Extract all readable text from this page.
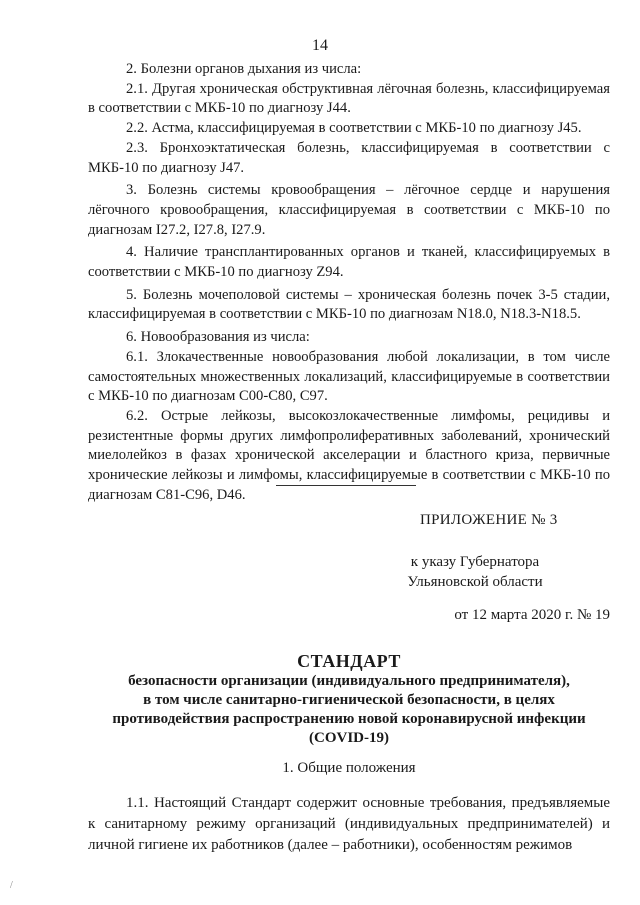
14

2. Болезни органов дыхания из числа:

2.1. Другая хроническая обструктивная лёгочная болезнь, классифицируемая в соответствии с МКБ-10 по диагнозу J44.

2.2. Астма, классифицируемая в соответствии с МКБ-10 по диагнозу J45.

2.3. Бронхоэктатическая болезнь, классифицируемая в соответствии с МКБ-10 по диагнозу J47.

3. Болезнь системы кровообращения – лёгочное сердце и нарушения лёгочного кровообращения, классифицируемая в соответствии с МКБ-10 по диагнозам I27.2, I27.8, I27.9.

4. Наличие трансплантированных органов и тканей, классифицируемых в соответствии с МКБ-10 по диагнозу Z94.

5. Болезнь мочеполовой системы – хроническая болезнь почек 3-5 стадии, классифицируемая в соответствии с МКБ-10 по диагнозам N18.0, N18.3-N18.5.

6. Новообразования из числа:

6.1. Злокачественные новообразования любой локализации, в том числе самостоятельных множественных локализаций, классифицируемые в соответствии с МКБ-10 по диагнозам C00-C80, C97.

6.2. Острые лейкозы, высокозлокачественные лимфомы, рецидивы и резистентные формы других лимфопролиферативных заболеваний, хронический миелолейкоз в фазах хронической акселерации и бластного криза, первичные хронические лейкозы и лимфомы, классифицируемые в соответствии с МКБ-10 по диагнозам C81-C96, D46.

ПРИЛОЖЕНИЕ № 3
к указу Губернатора
Ульяновской области
от 12 марта 2020 г. № 19
СТАНДАРТ
безопасности организации (индивидуального предпринимателя),
в том числе санитарно-гигиенической безопасности, в целях
противодействия распространению новой коронавирусной инфекции
(COVID-19)
1. Общие положения

1.1. Настоящий Стандарт содержит основные требования, предъявляемые к санитарному режиму организаций (индивидуальных предпринимателей) и личной гигиене их работников (далее – работники), особенностям режимов

/
